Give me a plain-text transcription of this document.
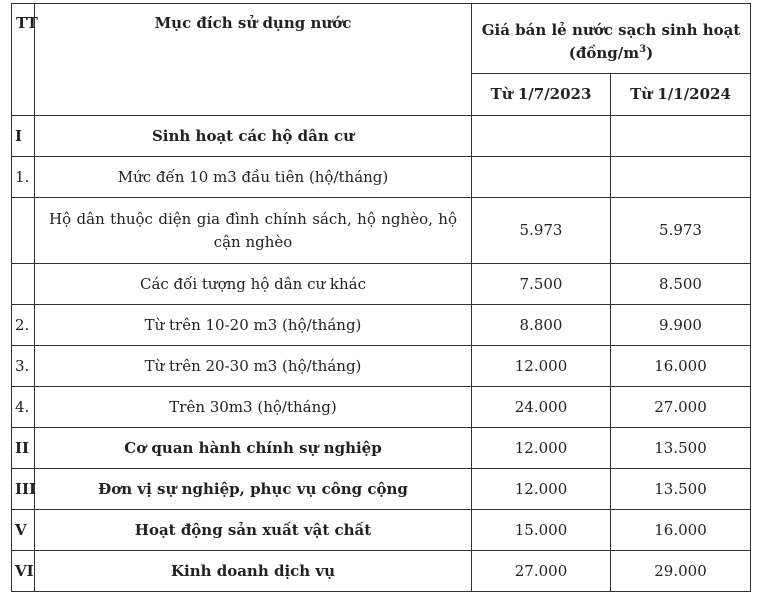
TT	Mục đích sử dụng nước	Giá bán lẻ nước sạch sinh hoạt
$(đồng/m^3)$	

		Từ 1/7/2023	Từ 1/1/2024
I	Sinh hoạt các hộ dân cư		
1.	Mức đến 10 m3 đầu tiên (hộ/tháng)		
	Hộ dân thuộc diện gia đình chính sách, hộ nghèo, hộ cận nghèo	5.973	5.973
	Các đối tượng hộ dân cư khác	7.500	8.500
2.	Từ trên 10-20 m3 (hộ/tháng)	8.800	9.900
3.	Từ trên 20-30 m3 (hộ/tháng)	12.000	16.000
4.	Trên 30m3 (hộ/tháng)	24.000	27.000
II	Cơ quan hành chính sự nghiệp	12.000	13.500
III	Đơn vị sự nghiệp, phục vụ công cộng	12.000	13.500
V	Hoạt động sản xuất vật chất	15.000	16.000
VI	Kinh doanh dịch vụ	27.000	29.000
